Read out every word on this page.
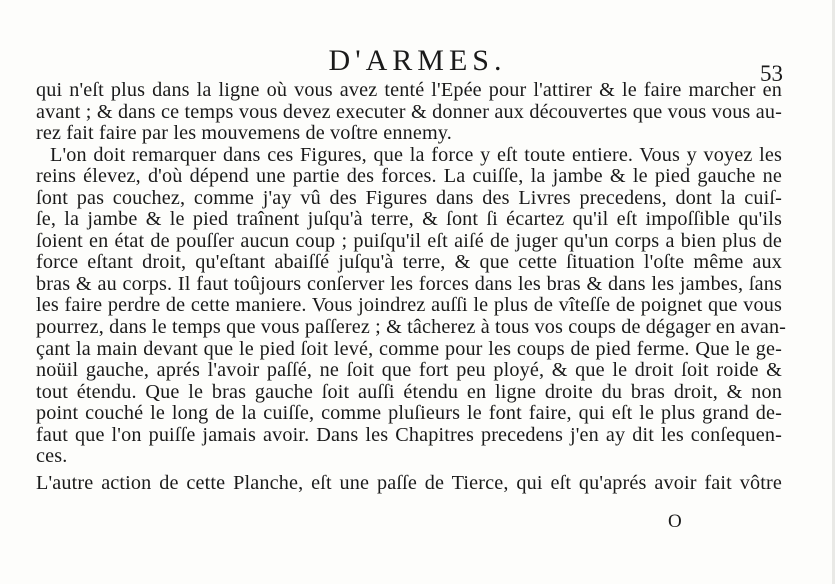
D'ARMES.	53
qui n'eſt plus dans la ligne où vous avez tenté l'Epée pour l'attirer & le faire marcher en
avant ; & dans ce temps vous devez executer & donner aux découvertes que vous vous au-
rez fait faire par les mouvemens de voſtre ennemy.
L'on doit remarquer dans ces Figures, que la force y eſt toute entiere. Vous y voyez les
reins élevez, d'où dépend une partie des forces. La cuiſſe, la jambe & le pied gauche ne
ſont pas couchez, comme j'ay vû des Figures dans des Livres precedens, dont la cuiſ-
ſe, la jambe & le pied traînent juſqu'à terre, & ſont ſi écartez qu'il eſt impoſſible qu'ils
ſoient en état de pouſſer aucun coup ; puiſqu'il eſt aiſé de juger qu'un corps a bien plus de
force eſtant droit, qu'eſtant abaiſſé juſqu'à terre, & que cette ſituation l'oſte même aux
bras & au corps. Il faut toûjours conſerver les forces dans les bras & dans les jambes, ſans
les faire perdre de cette maniere. Vous joindrez auſſi le plus de vîteſſe de poignet que vous
pourrez, dans le temps que vous paſſerez ; & tâcherez à tous vos coups de dégager en avan-
çant la main devant que le pied ſoit levé, comme pour les coups de pied ferme. Que le ge-
noüil gauche, aprés l'avoir paſſé, ne ſoit que fort peu ployé, & que le droit ſoit roide &
tout étendu. Que le bras gauche ſoit auſſi étendu en ligne droite du bras droit, & non
point couché le long de la cuiſſe, comme pluſieurs le font faire, qui eſt le plus grand de-
faut que l'on puiſſe jamais avoir. Dans les Chapitres precedens j'en ay dit les conſequen-
ces.
L'autre action de cette Planche, eſt une paſſe de Tierce, qui eſt qu'aprés avoir fait vôtre
O
